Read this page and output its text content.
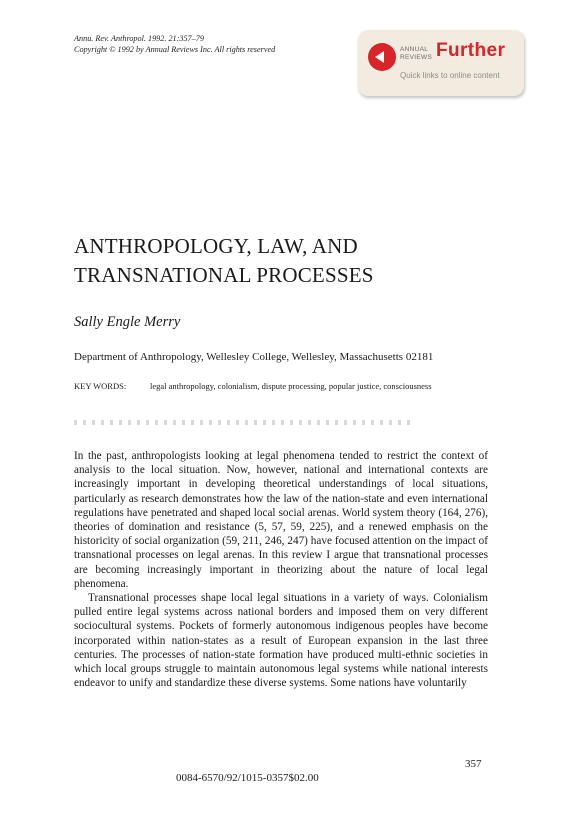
Annu. Rev. Anthropol. 1992. 21:357–79
Copyright © 1992 by Annual Reviews Inc. All rights reserved	ANNUAL
REVIEWS Further
Quick links to online content
ANTHROPOLOGY, LAW, AND
TRANSNATIONAL PROCESSES
Sally Engle Merry
Department of Anthropology, Wellesley College, Wellesley, Massachusetts 02181
KEY WORDS:	legal anthropology, colonialism, dispute processing, popular justice, consciousness

In the past, anthropologists looking at legal phenomena tended to restrict the context of analysis to the local situation. Now, however, national and international contexts are increasingly important in developing theoretical understandings of local situations, particularly as research demonstrates how the law of the nation-state and even international regulations have penetrated and shaped local social arenas. World system theory (164, 276), theories of domination and resistance (5, 57, 59, 225), and a renewed emphasis on the historicity of social organization (59, 211, 246, 247) have focused attention on the impact of transnational processes on legal arenas. In this review I argue that transnational processes are becoming increasingly important in theorizing about the nature of local legal phenomena.

Transnational processes shape local legal situations in a variety of ways. Colonialism pulled entire legal systems across national borders and imposed them on very different sociocultural systems. Pockets of formerly autonomous indigenous peoples have become incorporated within nation-states as a result of European expansion in the last three centuries. The processes of nation-state formation have produced multi-ethnic societies in which local groups struggle to maintain autonomous legal systems while national interests endeavor to unify and standardize these diverse systems. Some nations have voluntarily

357
0084-6570/92/1015-0357$02.00
